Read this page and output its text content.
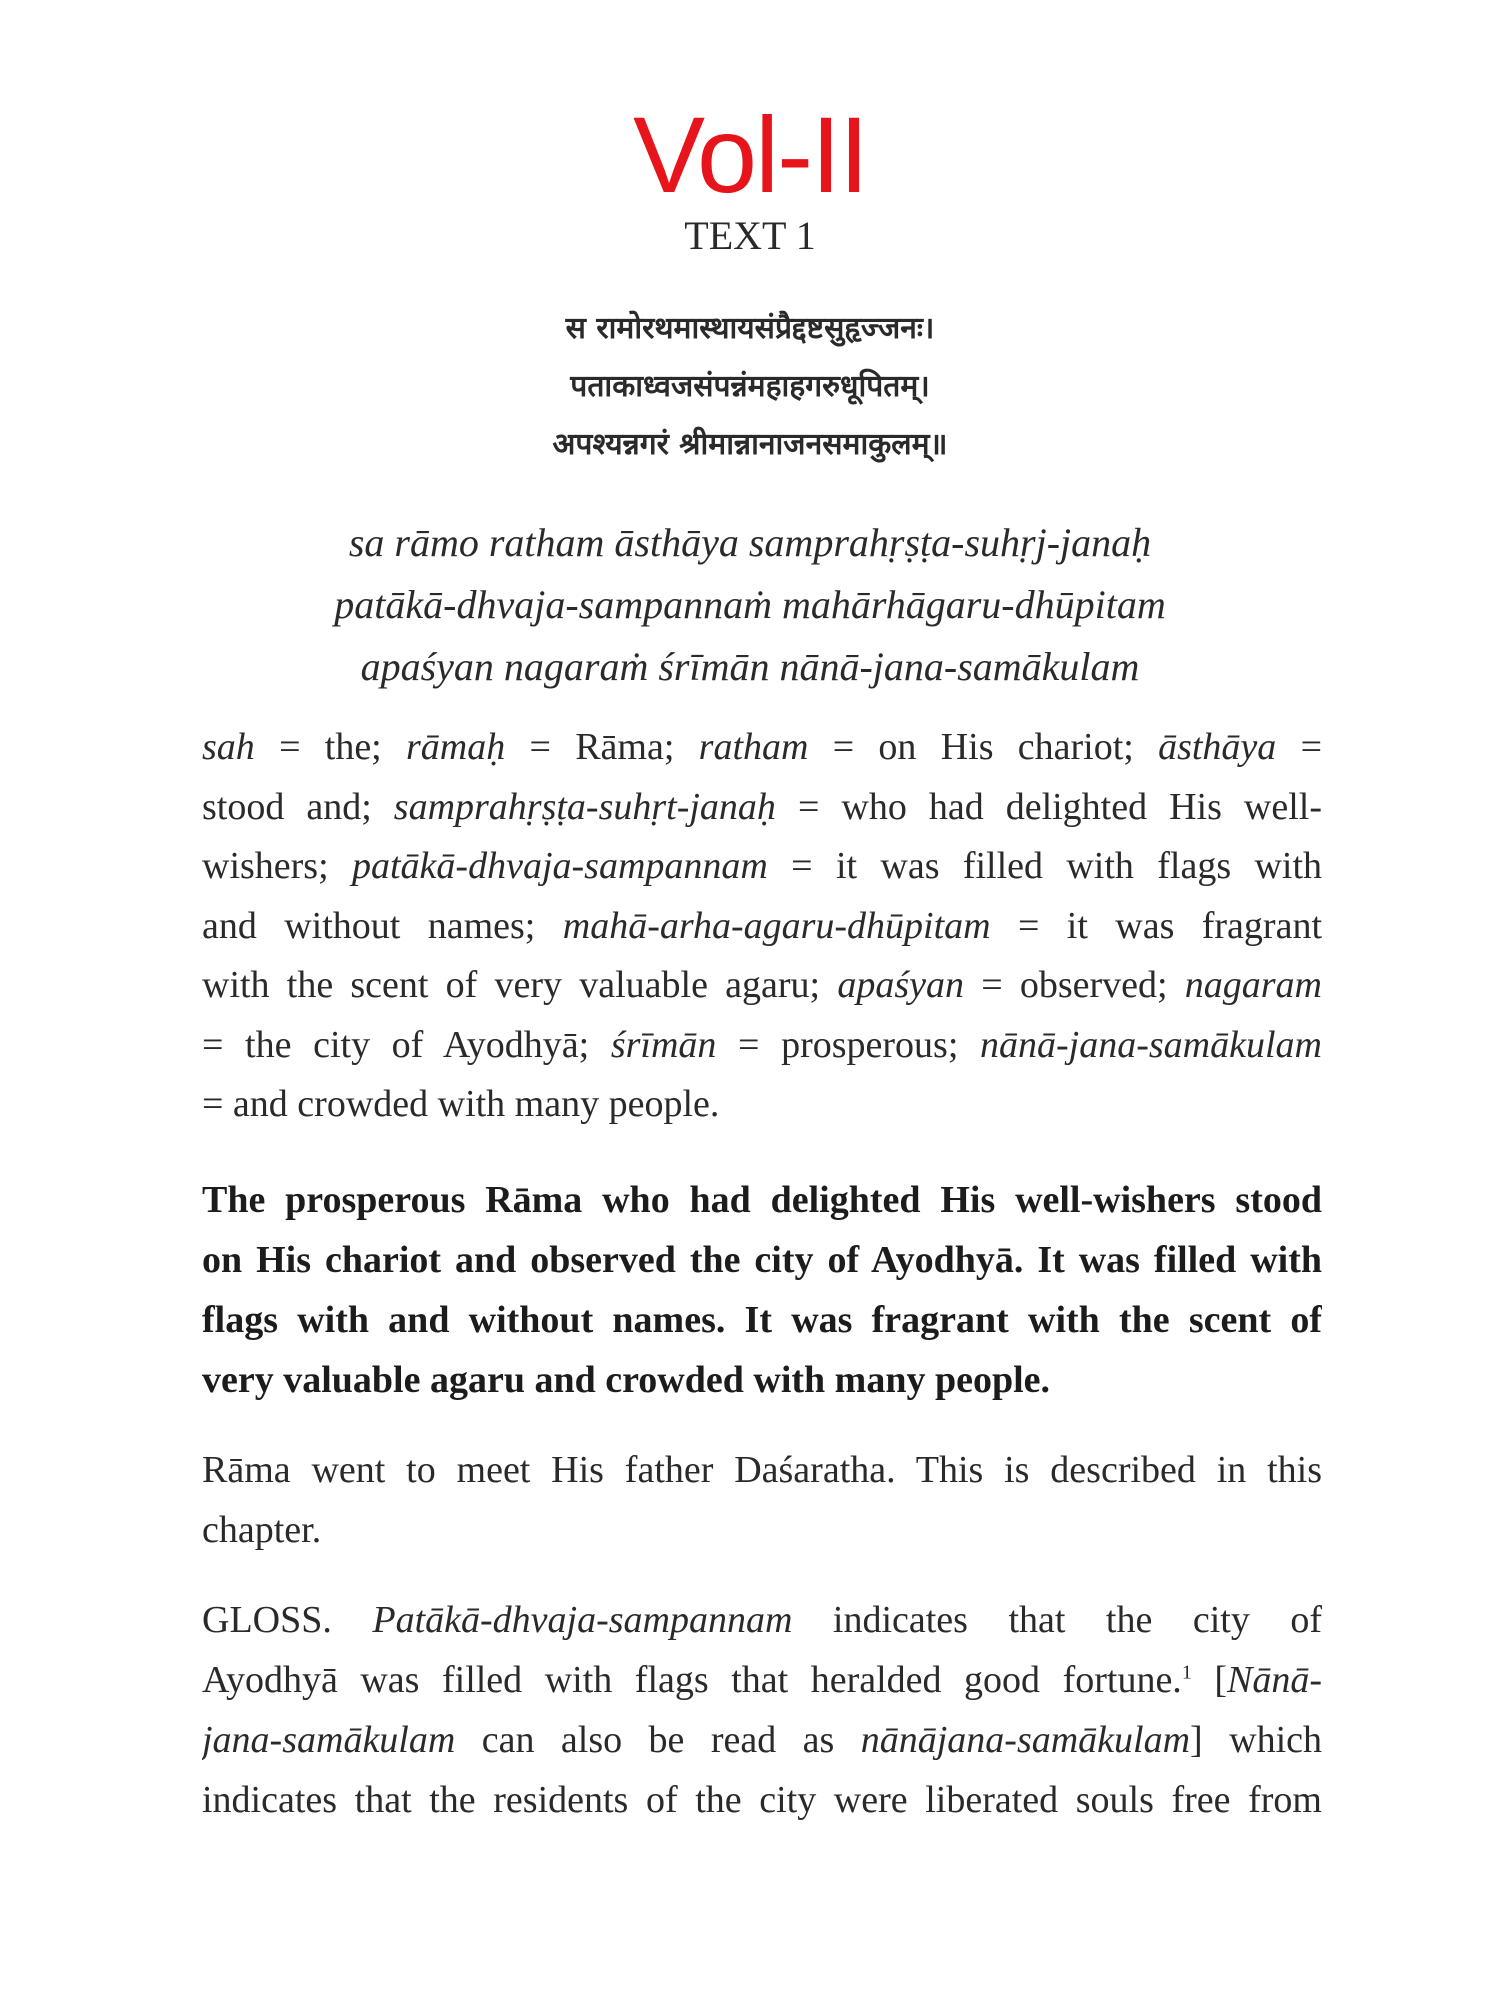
Vol-II
TEXT 1
स रामोरथमास्थायसंप्रैद्दष्टसुहृज्जनः।
पताकाध्वजसंपन्नंमहाहगरुधूपितम्।
अपश्यन्नगरं श्रीमान्नानाजनसमाकुलम्॥
sa rāmo ratham āsthāya samprahṛṣṭa-suhṛj-janaḥ
patākā-dhvaja-sampannaṁ mahārhāgaru-dhūpitam
apaśyan nagaraṁ śrīmān nānā-jana-samākulam
sah = the; rāmaḥ = Rāma; ratham = on His chariot; āsthāya =
stood and; samprahṛṣṭa-suhṛt-janaḥ = who had delighted His well-
wishers; patākā-dhvaja-sampannam = it was filled with flags with
and without names; mahā-arha-agaru-dhūpitam = it was fragrant
with the scent of very valuable agaru; apaśyan = observed; nagaram
= the city of Ayodhyā; śrīmān = prosperous; nānā-jana-samākulam
= and crowded with many people.
The prosperous Rāma who had delighted His well-wishers stood
on His chariot and observed the city of Ayodhyā. It was filled with
flags with and without names. It was fragrant with the scent of
very valuable agaru and crowded with many people.
Rāma went to meet His father Daśaratha. This is described in this
chapter.
GLOSS. Patākā-dhvaja-sampannam indicates that the city of
Ayodhyā was filled with flags that heralded good fortune.$^1$ [Nānā-
jana-samākulam can also be read as nānājana-samākulam] which
indicates that the residents of the city were liberated souls free from
